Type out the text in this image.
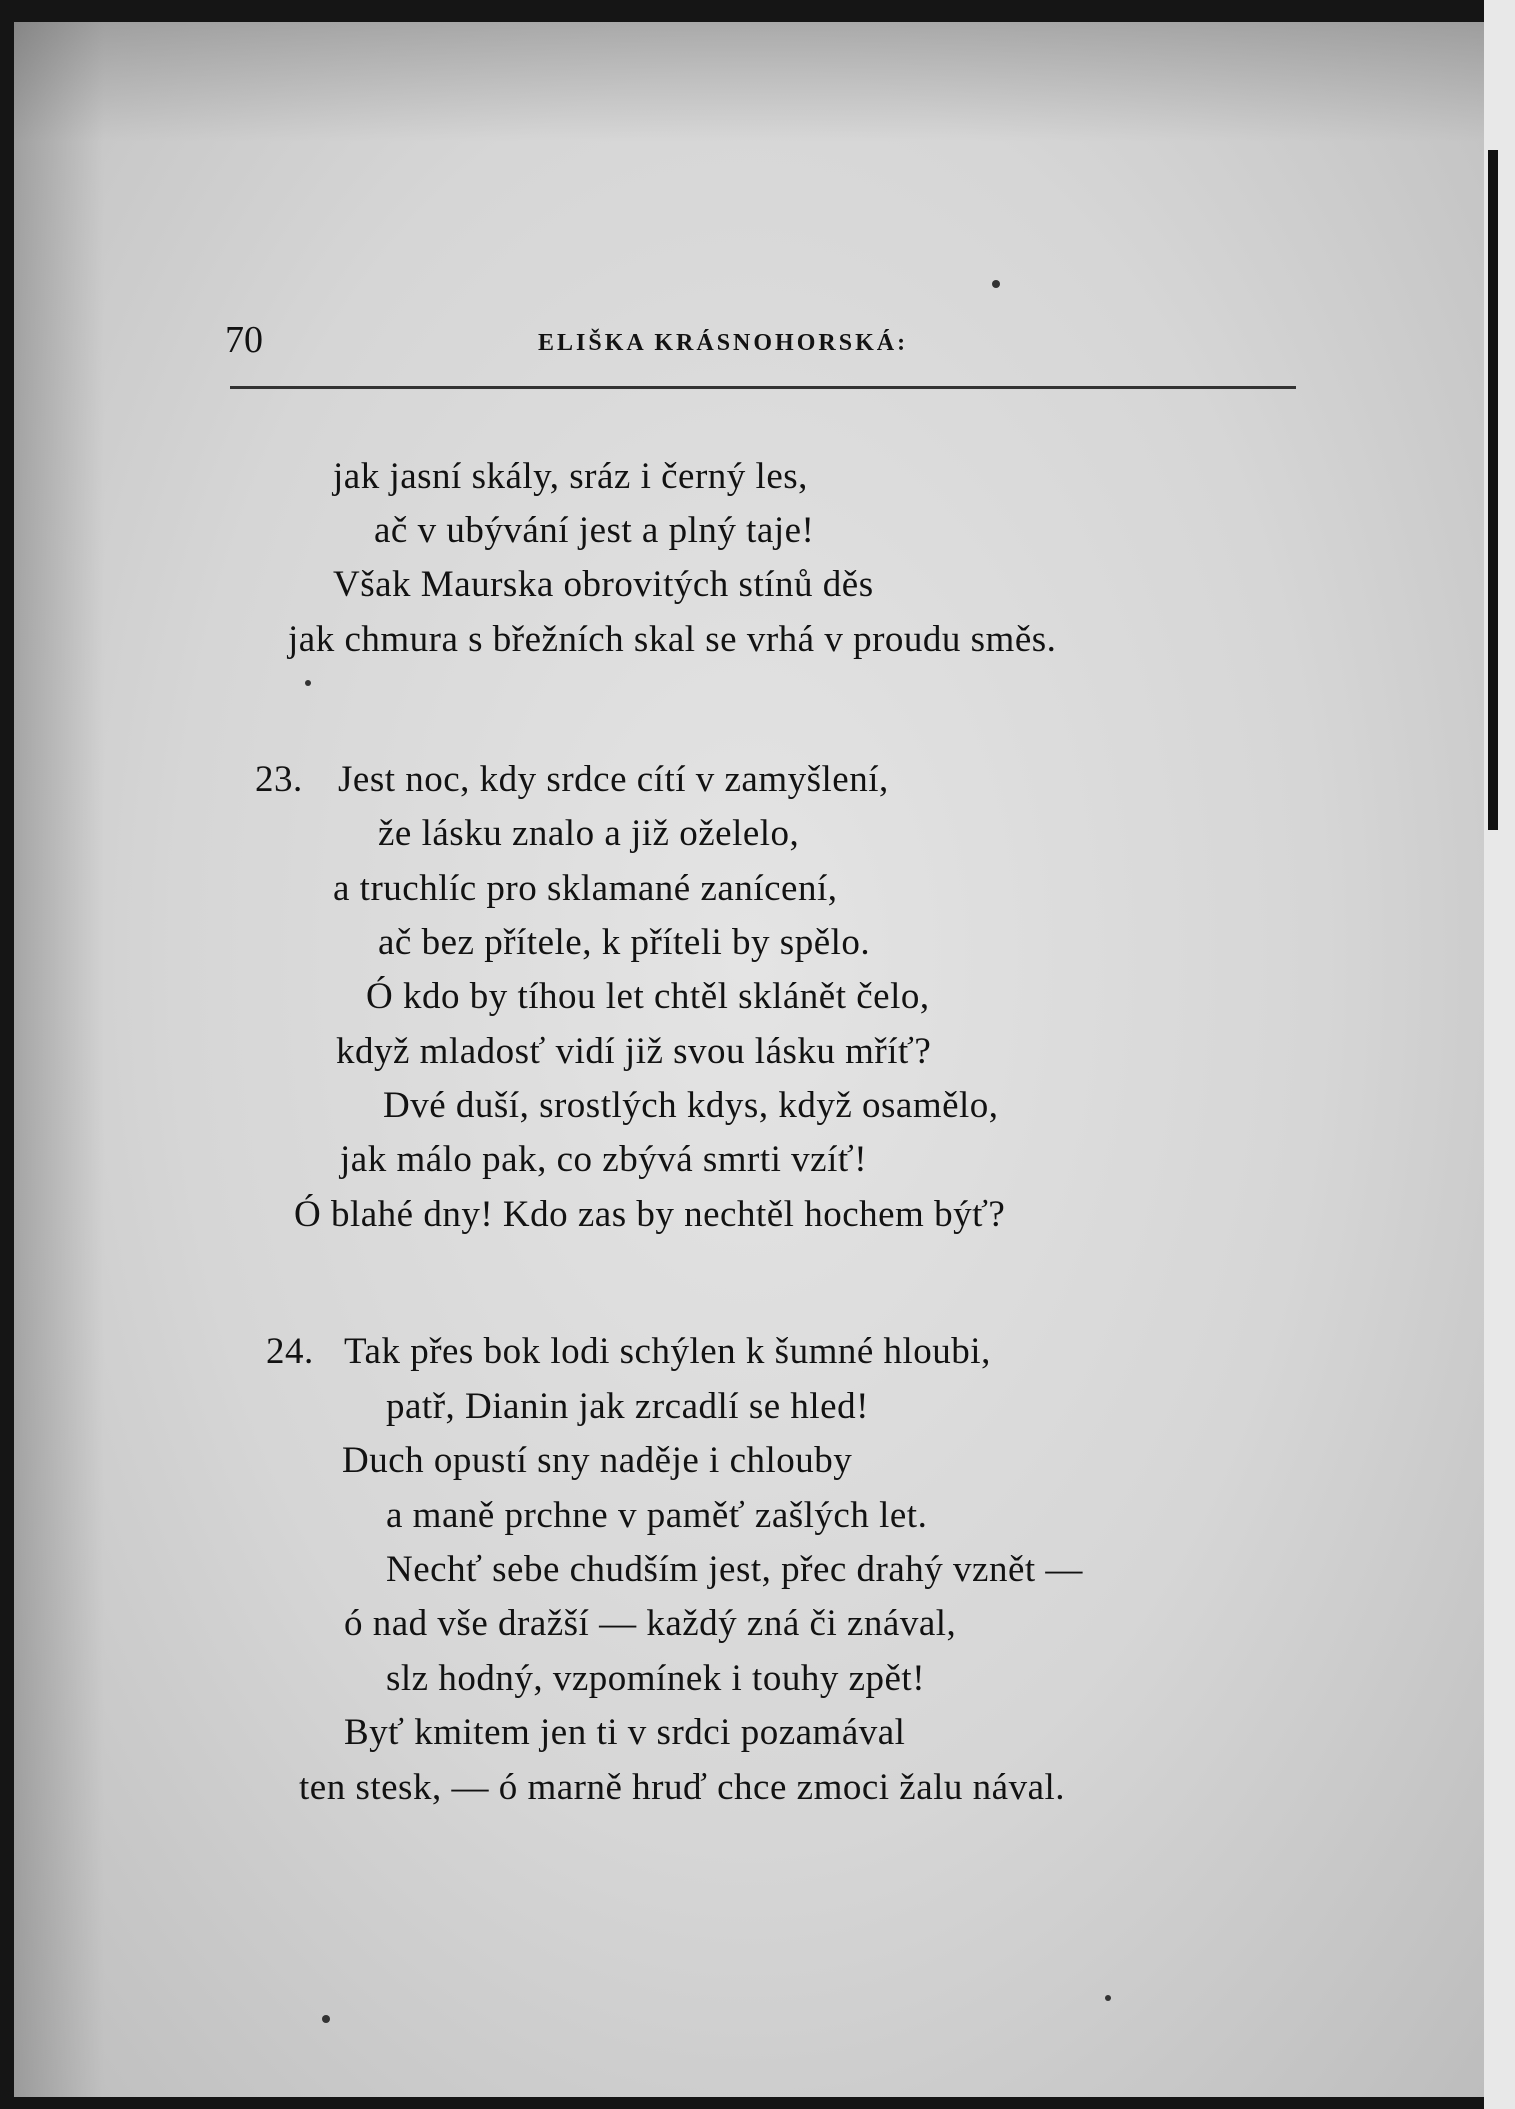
70	ELIŠKA KRÁSNOHORSKÁ:
jak jasní skály, sráz i černý les,
ač v ubývání jest a plný taje!
Však Maurska obrovitých stínů děs
jak chmura s břežních skal se vrhá v proudu směs.
23. Jest noc, kdy srdce cítí v zamyšlení,
že lásku znalo a již oželelo,
a truchlíc pro sklamané zanícení,
ač bez přítele, k příteli by spělo.
Ó kdo by tíhou let chtěl sklánět čelo,
když mladosť vidí již svou lásku mříť?
Dvé duší, srostlých kdys, když osamělo,
jak málo pak, co zbývá smrti vzíť!
Ó blahé dny! Kdo zas by nechtěl hochem býť?
24. Tak přes bok lodi schýlen k šumné hloubi,
patř, Dianin jak zrcadlí se hled!
Duch opustí sny naděje i chlouby
a maně prchne v paměť zašlých let.
Nechť sebe chudším jest, přec drahý vznět —
ó nad vše dražší — každý zná či znával,
slz hodný, vzpomínek i touhy zpět!
Byť kmitem jen ti v srdci pozamával
ten stesk, — ó marně hruď chce zmoci žalu nával.
